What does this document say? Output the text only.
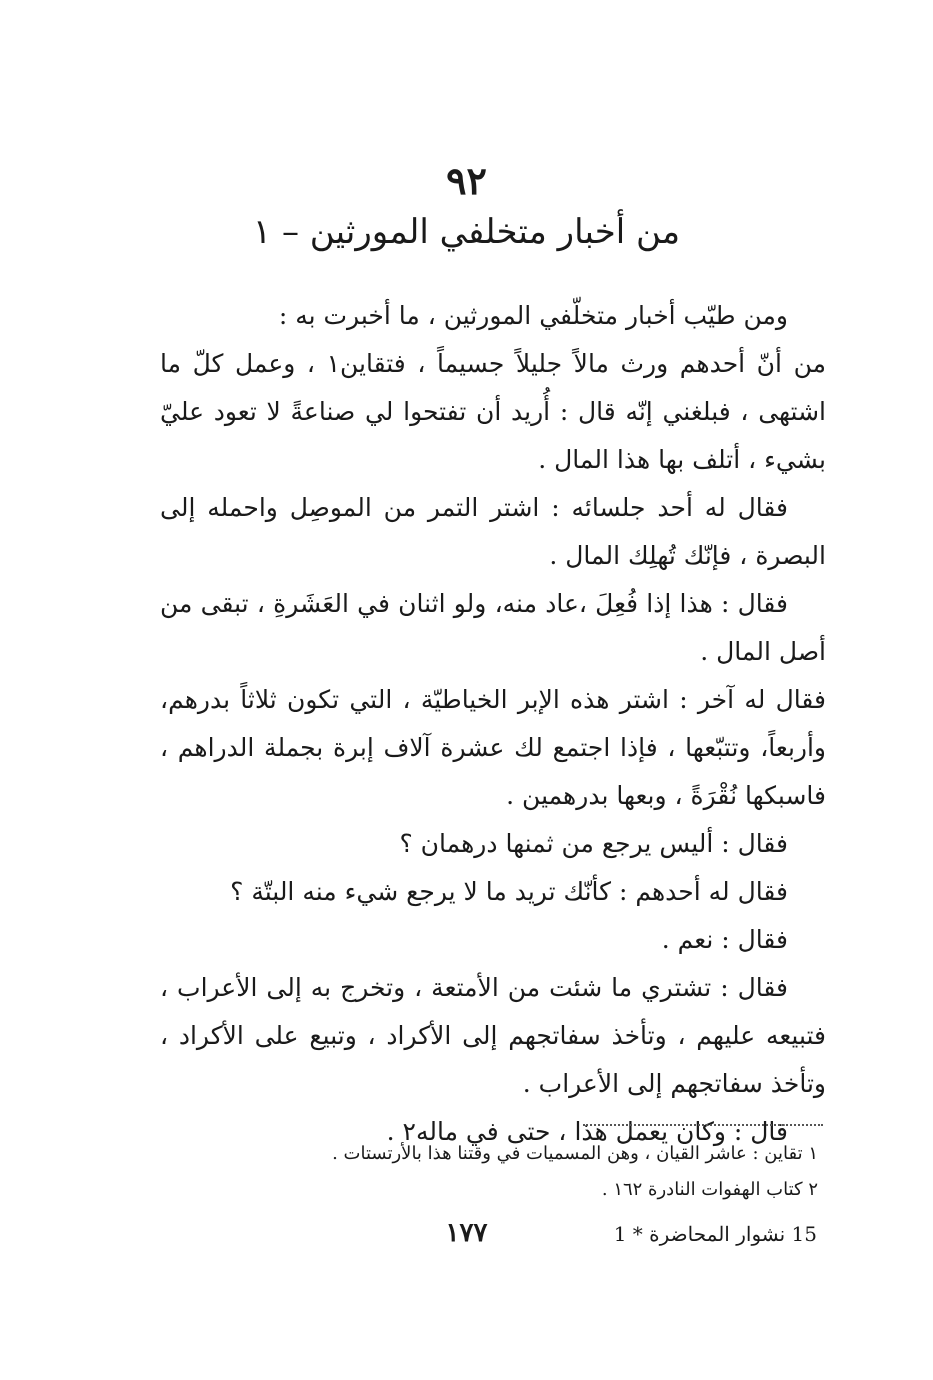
٩٢
من أخبار متخلفي المورثين – ١

ومن طيّب أخبار متخلّفي المورثين ، ما أخبرت به :

من أنّ أحدهم ورث مالاً جليلاً جسيماً ، فتقاين١ ، وعمل كلّ ما اشتهى ، فبلغني إنّه قال : أُريد أن تفتحوا لي صناعةً لا تعود عليّ بشيء ، أتلف بها هذا المال .

فقال له أحد جلسائه : اشتر التمر من الموصِل واحمله إلى البصرة ، فإنّك تُهلِك المال .

فقال : هذا إذا فُعِلَ ،عاد منه، ولو اثنان في العَشَرةِ ، تبقى من أصل المال .

فقال له آخر : اشتر هذه الإبر الخياطيّة ، التي تكون ثلاثاً بدرهم، وأربعاً، وتتبّعها ، فإذا اجتمع لك عشرة آلاف إبرة بجملة الدراهم ، فاسبكها نُقْرَةً ، وبعها بدرهمين .

فقال : أليس يرجع من ثمنها درهمان ؟

فقال له أحدهم : كأنّك تريد ما لا يرجع شيء منه البتّة ؟

فقال : نعم .

فقال : تشتري ما شئت من الأمتعة ، وتخرج به إلى الأعراب ، فتبيعه عليهم ، وتأخذ سفاتجهم إلى الأكراد ، وتبيع على الأكراد ، وتأخذ سفاتجهم إلى الأعراب .

قال : وكان يعمل هذا ، حتى في ماله٢ .

١ تقاين : عاشر القيان ، وهن المسميات في وقتنا هذا بالأرتستات .

٢ كتاب الهفوات النادرة ١٦٢ .

١٧٧	15 نشوار المحاضرة * 1
